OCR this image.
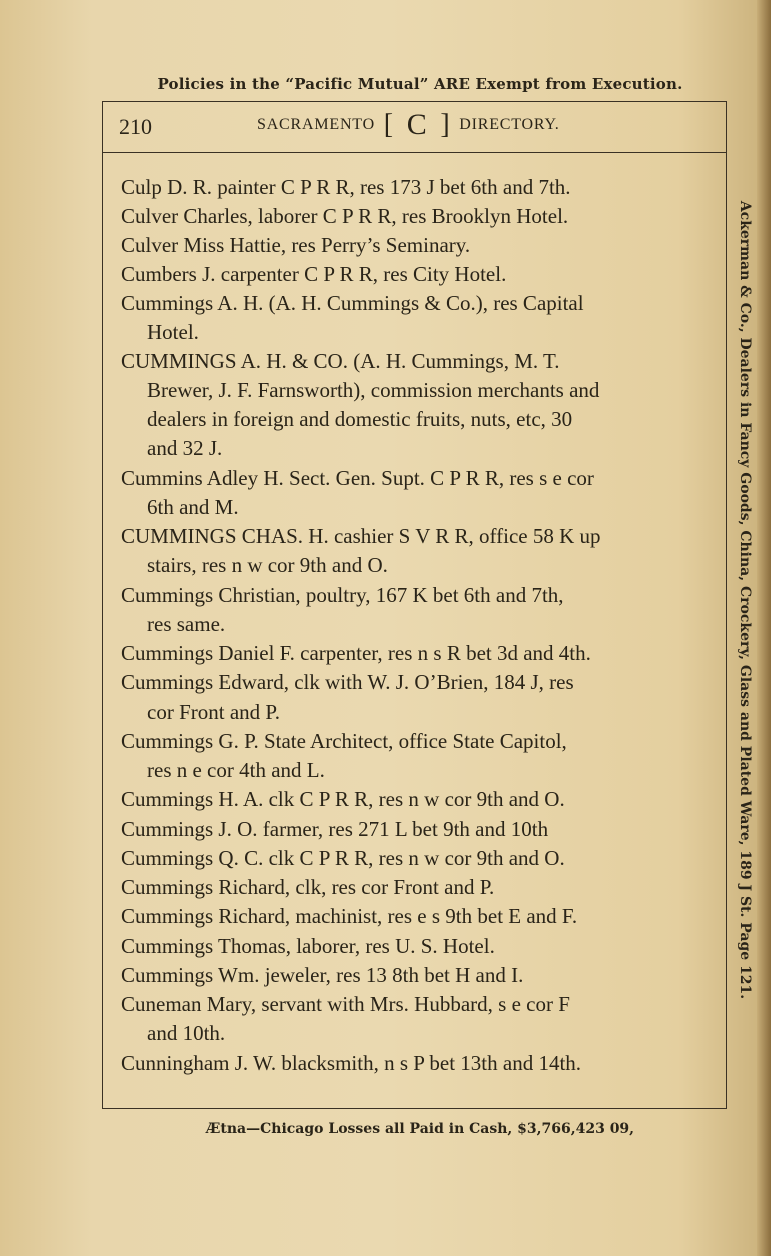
Policies in the “Pacific Mutual” ARE Exempt from Execution.
210	SACRAMENTO [ C ] DIRECTORY.
Culp D. R. painter C P R R, res 173 J bet 6th and 7th.
Culver Charles, laborer C P R R, res Brooklyn Hotel.
Culver Miss Hattie, res Perry’s Seminary.
Cumbers J. carpenter C P R R, res City Hotel.
Cummings A. H. (A. H. Cummings & Co.), res Capital
Hotel.
CUMMINGS A. H. & CO. (A. H. Cummings, M. T.
Brewer, J. F. Farnsworth), commission merchants and
dealers in foreign and domestic fruits, nuts, etc, 30
and 32 J.
Cummins Adley H. Sect. Gen. Supt. C P R R, res s e cor
6th and M.
CUMMINGS CHAS. H. cashier S V R R, office 58 K up
stairs, res n w cor 9th and O.
Cummings Christian, poultry, 167 K bet 6th and 7th,
res same.
Cummings Daniel F. carpenter, res n s R bet 3d and 4th.
Cummings Edward, clk with W. J. O’Brien, 184 J, res
cor Front and P.
Cummings G. P. State Architect, office State Capitol,
res n e cor 4th and L.
Cummings H. A. clk C P R R, res n w cor 9th and O.
Cummings J. O. farmer, res 271 L bet 9th and 10th
Cummings Q. C. clk C P R R, res n w cor 9th and O.
Cummings Richard, clk, res cor Front and P.
Cummings Richard, machinist, res e s 9th bet E and F.
Cummings Thomas, laborer, res U. S. Hotel.
Cummings Wm. jeweler, res 13 8th bet H and I.
Cuneman Mary, servant with Mrs. Hubbard, s e cor F
and 10th.
Cunningham J. W. blacksmith, n s P bet 13th and 14th.
Ætna—Chicago Losses all Paid in Cash, $3,766,423 09,
Ackerman & Co., Dealers in Fancy Goods, China, Crockery, Glass and Plated Ware, 189 J St. Page 121.
